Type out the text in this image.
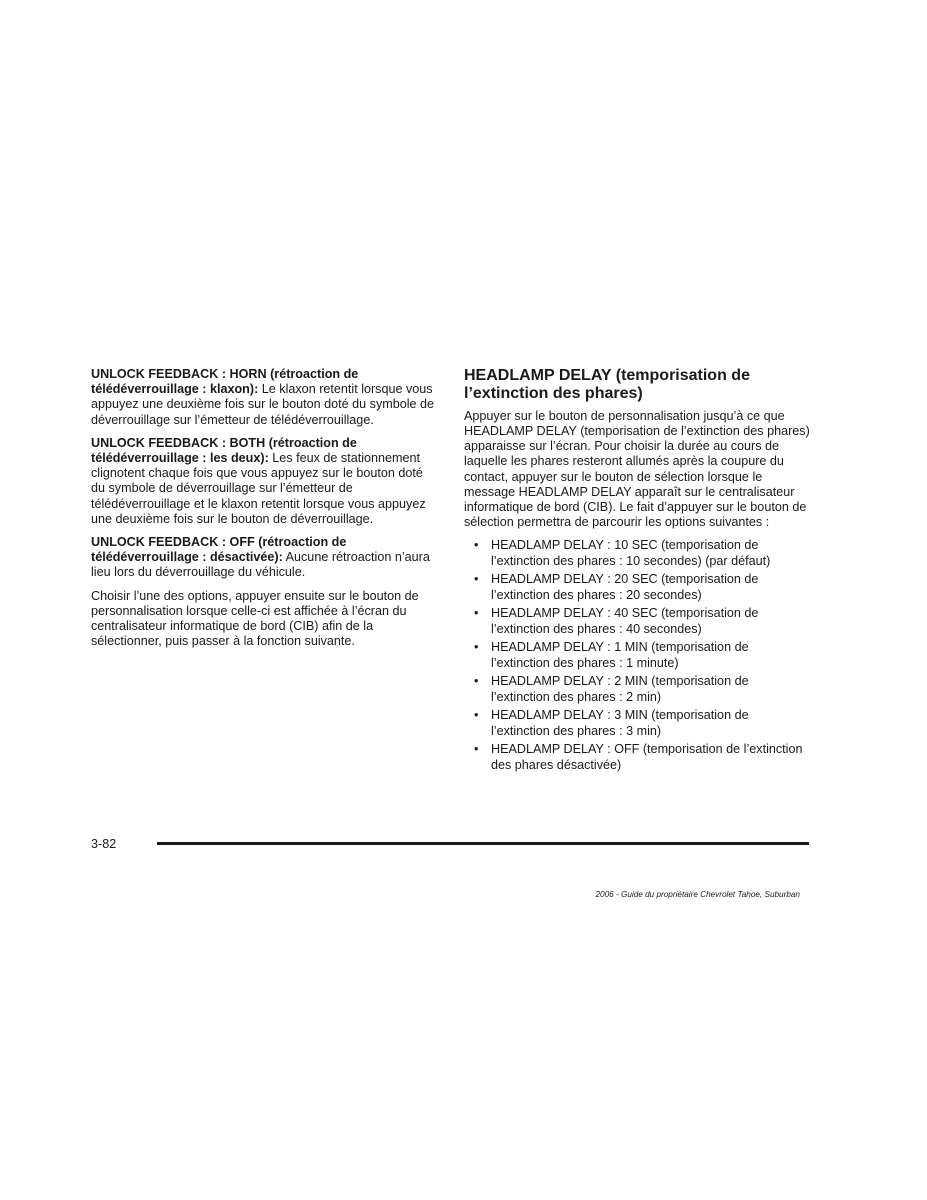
UNLOCK FEEDBACK : HORN (rétroaction de télédéverrouillage : klaxon): Le klaxon retentit lorsque vous appuyez une deuxième fois sur le bouton doté du symbole de déverrouillage sur l’émetteur de télédéverrouillage.

UNLOCK FEEDBACK : BOTH (rétroaction de télédéverrouillage : les deux): Les feux de stationnement clignotent chaque fois que vous appuyez sur le bouton doté du symbole de déverrouillage sur l’émetteur de télédéverrouillage et le klaxon retentit lorsque vous appuyez une deuxième fois sur le bouton de déverrouillage.

UNLOCK FEEDBACK : OFF (rétroaction de télédéverrouillage : désactivée): Aucune rétroaction n’aura lieu lors du déverrouillage du véhicule.

Choisir l’une des options, appuyer ensuite sur le bouton de personnalisation lorsque celle-ci est affichée à l’écran du centralisateur informatique de bord (CIB) afin de la sélectionner, puis passer à la fonction suivante.

HEADLAMP DELAY (temporisation de l’extinction des phares)

Appuyer sur le bouton de personnalisation jusqu’à ce que HEADLAMP DELAY (temporisation de l’extinction des phares) apparaisse sur l’écran. Pour choisir la durée au cours de laquelle les phares resteront allumés après la coupure du contact, appuyer sur le bouton de sélection lorsque le message HEADLAMP DELAY apparaît sur le centralisateur informatique de bord (CIB). Le fait d’appuyer sur le bouton de sélection permettra de parcourir les options suivantes :

• HEADLAMP DELAY : 10 SEC (temporisation de l’extinction des phares : 10 secondes) (par défaut)
• HEADLAMP DELAY : 20 SEC (temporisation de l’extinction des phares : 20 secondes)
• HEADLAMP DELAY : 40 SEC (temporisation de l’extinction des phares : 40 secondes)
• HEADLAMP DELAY : 1 MIN (temporisation de l’extinction des phares : 1 minute)
• HEADLAMP DELAY : 2 MIN (temporisation de l’extinction des phares : 2 min)
• HEADLAMP DELAY : 3 MIN (temporisation de l’extinction des phares : 3 min)
• HEADLAMP DELAY : OFF (temporisation de l’extinction des phares désactivée)
3-82
2006 - Guide du propriétaire Chevrolet Tahoe, Suburban
